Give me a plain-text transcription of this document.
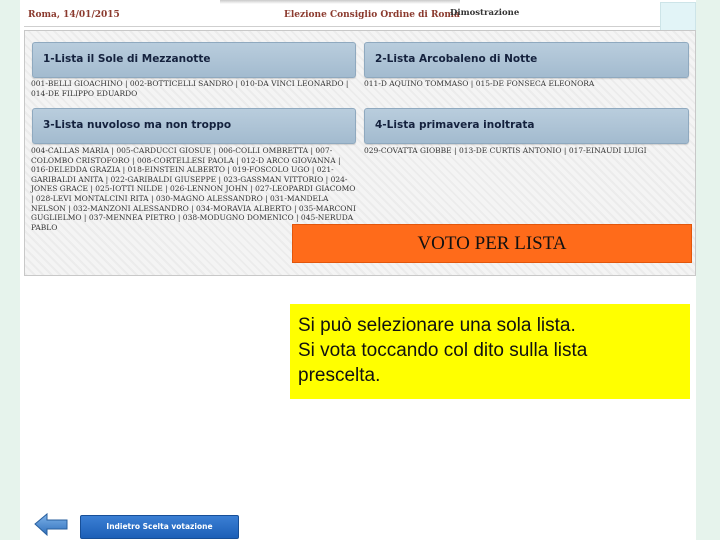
Roma, 14/01/2015	Elezione Consiglio Ordine di Roma
Dimostrazione
1-Lista il Sole di Mezzanotte
001-BELLI GIOACHINO | 002-BOTTICELLI SANDRO | 010-DA VINCI LEONARDO | 014-DE FILIPPO EDUARDO
2-Lista Arcobaleno di Notte
011-D AQUINO TOMMASO | 015-DE FONSECA ELEONORA
3-Lista nuvoloso ma non troppo
004-CALLAS MARIA | 005-CARDUCCI GIOSUE | 006-COLLI OMBRETTA | 007-COLOMBO CRISTOFORO | 008-CORTELLESI PAOLA | 012-D ARCO GIOVANNA | 016-DELEDDA GRAZIA | 018-EINSTEIN ALBERTO | 019-FOSCOLO UGO | 021-GARIBALDI ANITA | 022-GARIBALDI GIUSEPPE | 023-GASSMAN VITTORIO | 024-JONES GRACE | 025-IOTTI NILDE | 026-LENNON JOHN | 027-LEOPARDI GIACOMO | 028-LEVI MONTALCINI RITA | 030-MAGNO ALESSANDRO | 031-MANDELA NELSON | 032-MANZONI ALESSANDRO | 034-MORAVIA ALBERTO | 035-MARCONI GUGLIELMO | 037-MENNEA PIETRO | 038-MODUGNO DOMENICO | 045-NERUDA PABLO
4-Lista primavera inoltrata
029-COVATTA GIOBBE | 013-DE CURTIS ANTONIO | 017-EINAUDI LUIGI
VOTO PER LISTA
Si può selezionare una sola lista.
Si vota toccando col dito sulla lista
prescelta.
Indietro Scelta votazione
